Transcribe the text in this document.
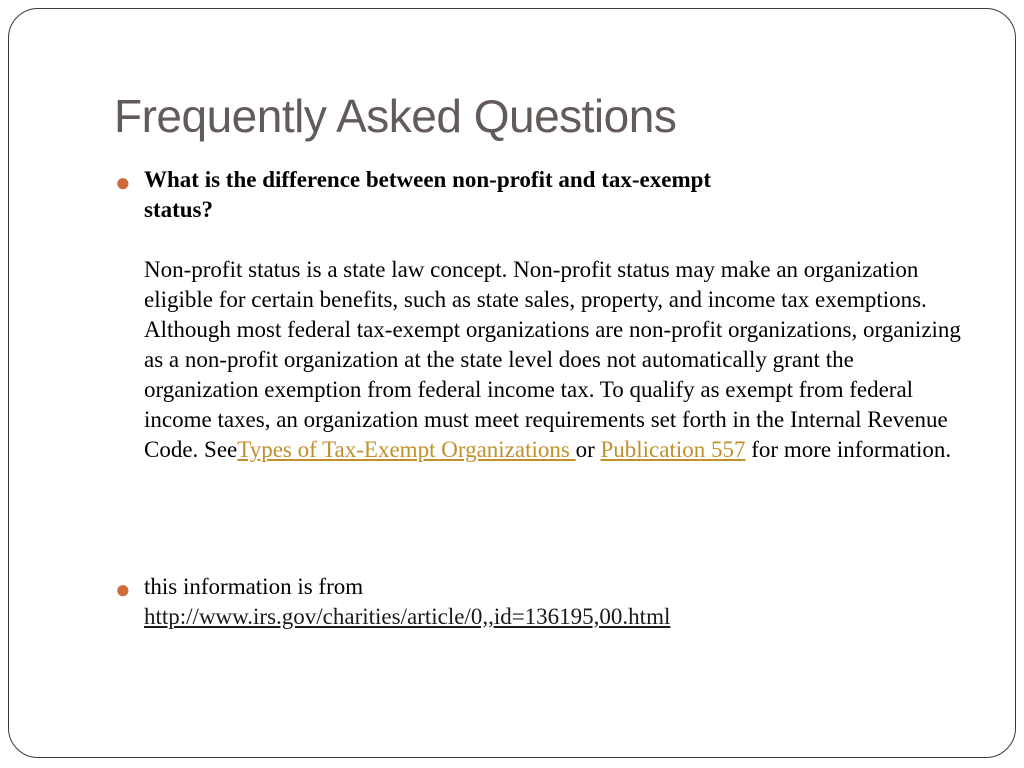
Frequently Asked Questions
● What is the difference between non-profit and tax-exempt
status?
Non-profit status is a state law concept. Non-profit status may make an organization eligible for certain benefits, such as state sales, property, and income tax exemptions. Although most federal tax-exempt organizations are non-profit organizations, organizing as a non-profit organization at the state level does not automatically grant the organization exemption from federal income tax. To qualify as exempt from federal income taxes, an organization must meet requirements set forth in the Internal Revenue Code. SeeTypes of Tax-Exempt Organizations or Publication 557 for more information.
● this information is from
http://www.irs.gov/charities/article/0,,id=136195,00.html
